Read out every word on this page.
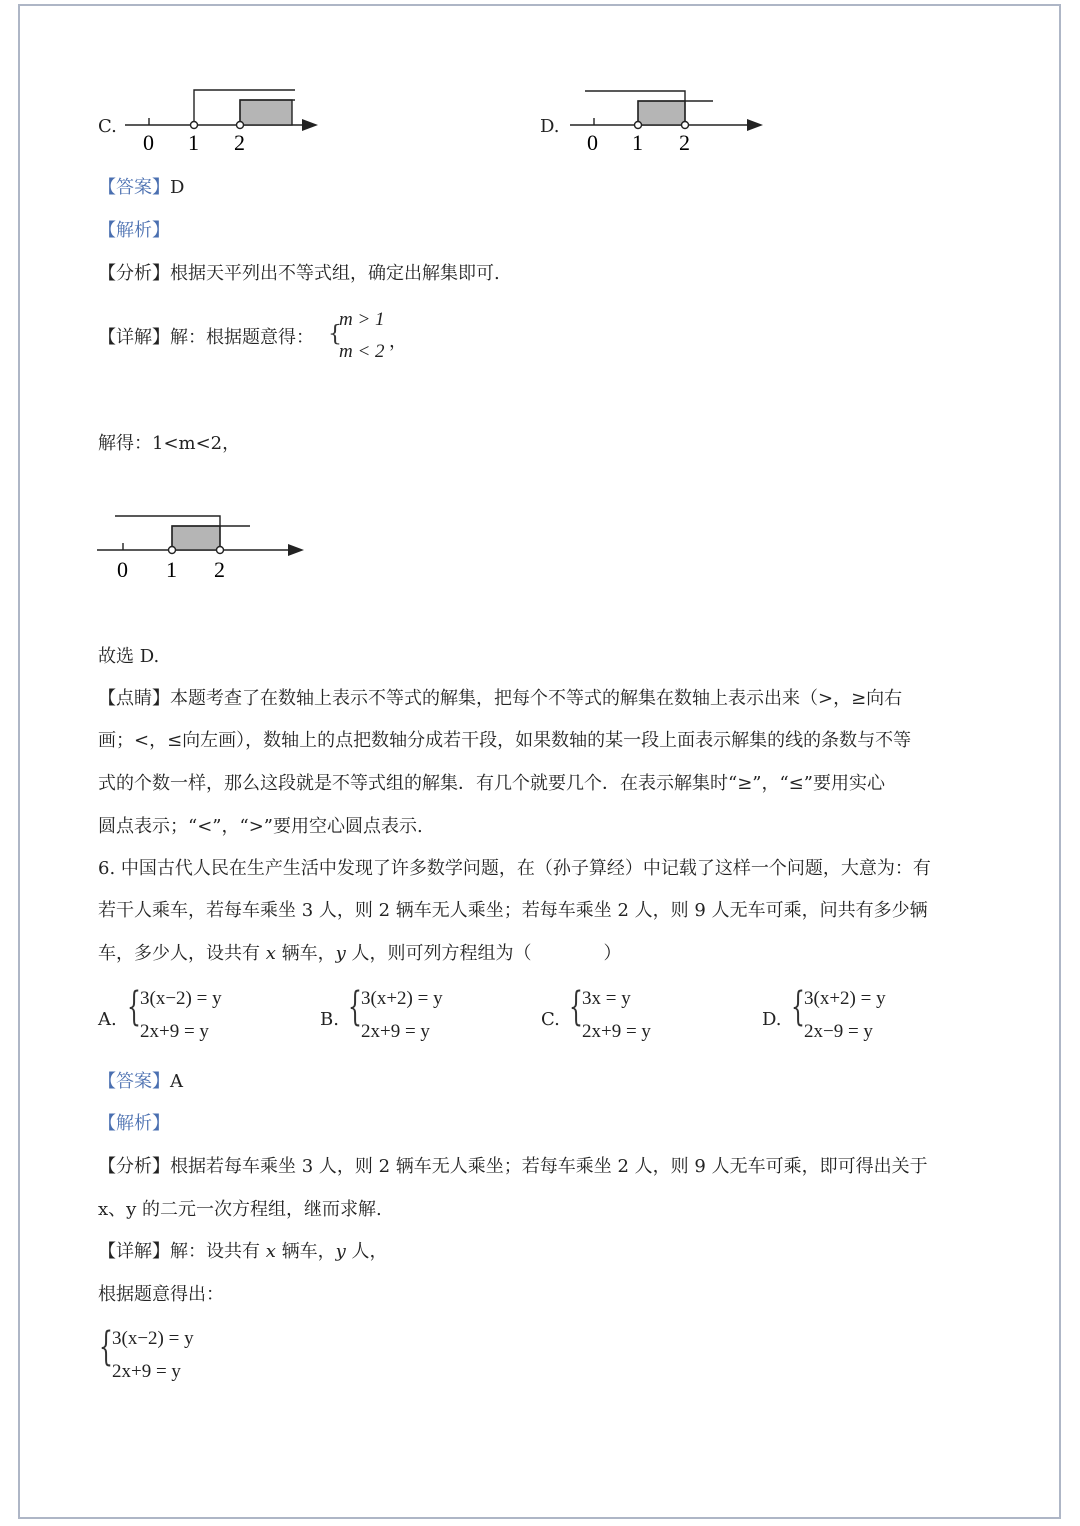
C.
0 1 2
D.
0 1 2
【答案】D
【解析】
【分析】根据天平列出不等式组，确定出解集即可.
【详解】解：根据题意得： {
m > 1
m < 2 ，
解得：1<m<2，
0 1 2
故选 D.
【点睛】本题考查了在数轴上表示不等式的解集，把每个不等式的解集在数轴上表示出来（>，≥向右
画；<，≤向左画），数轴上的点把数轴分成若干段，如果数轴的某一段上面表示解集的线的条数与不等
式的个数一样，那么这段就是不等式组的解集．有几个就要几个．在表示解集时“≥”，“≤”要用实心
圆点表示；“<”，“>”要用空心圆点表示.
6. 中国古代人民在生产生活中发现了许多数学问题，在（孙子算经）中记载了这样一个问题，大意为：有
若干人乘车，若每车乘坐 3 人，则 2 辆车无人乘坐；若每车乘坐 2 人，则 9 人无车可乘，问共有多少辆
车，多少人，设共有 x 辆车，y 人，则可列方程组为（　　　　）
A. { 3(x−2) = y
2x+9 = y
B. { 3(x+2) = y
2x+9 = y
C. { 3x = y
2x+9 = y
D. { 3(x+2) = y
2x−9 = y
【答案】A
【解析】
【分析】根据若每车乘坐 3 人，则 2 辆车无人乘坐；若每车乘坐 2 人，则 9 人无车可乘，即可得出关于
x、y 的二元一次方程组，继而求解.
【详解】解：设共有 x 辆车，y 人，
根据题意得出：
{ 3(x−2) = y
2x+9 = y
